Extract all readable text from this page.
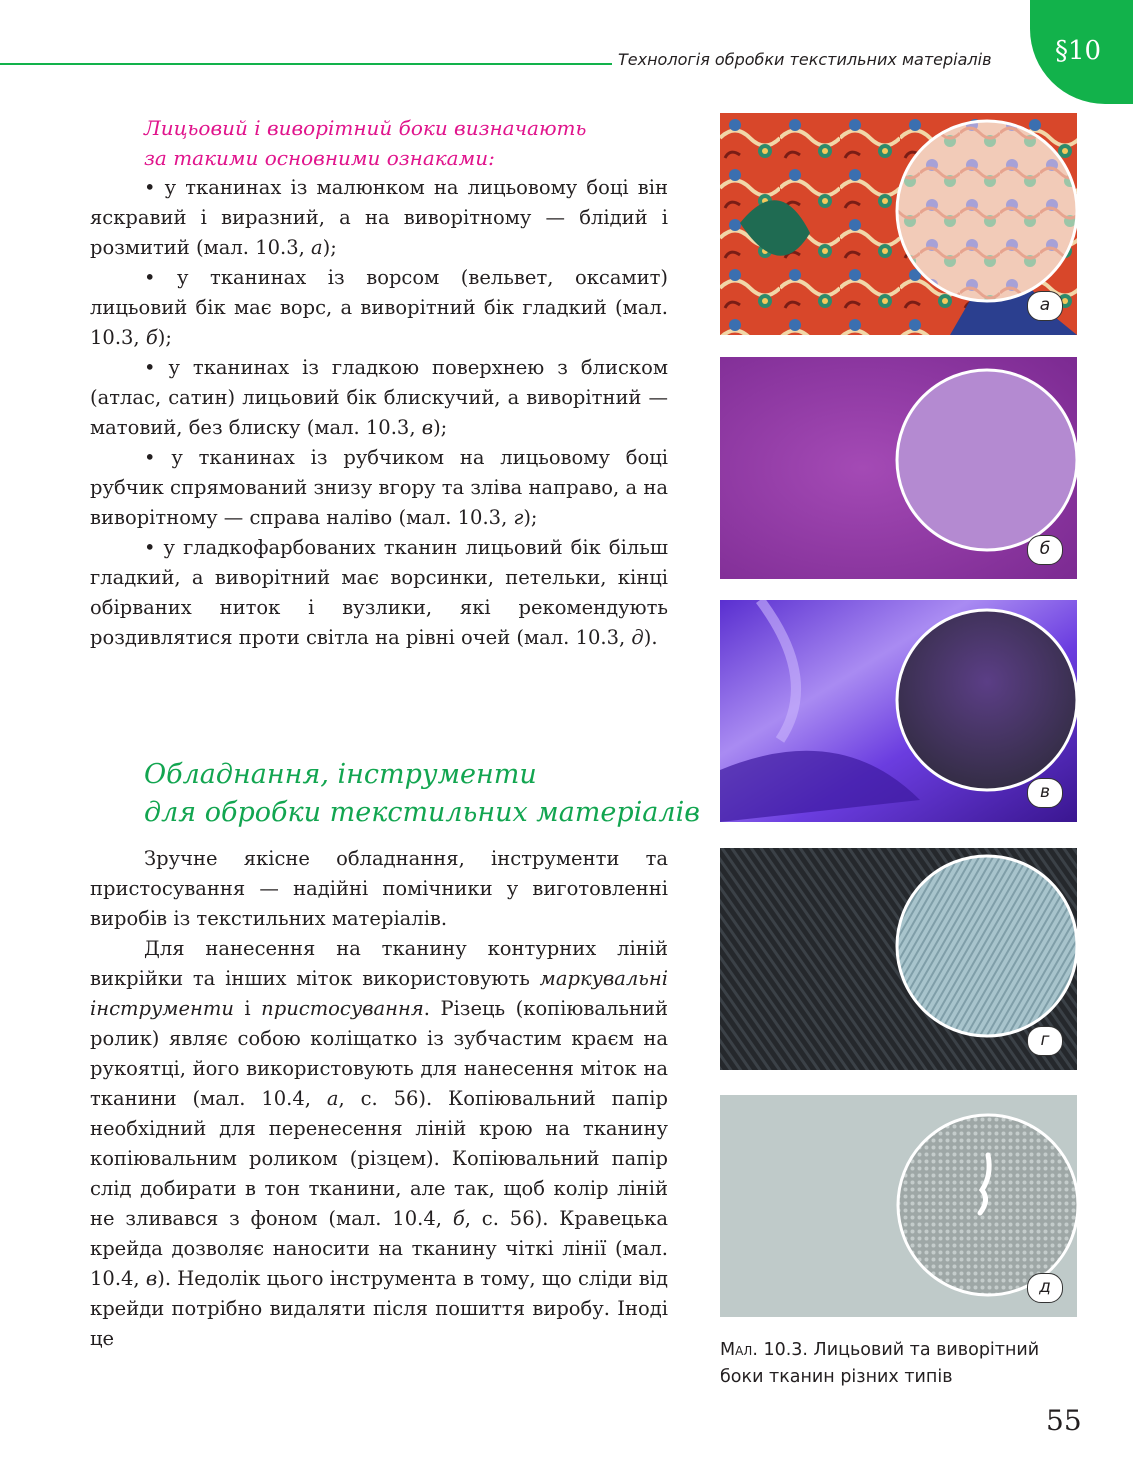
Технологія обробки текстильних матеріалів §10
Лицьовий і виворітний боки визначають
за такими основними ознаками:

• у тканинах із малюнком на лицьовому боці він яскравий і виразний, а на виворітному — блідий і розмитий (мал. 10.3, а);

• у тканинах із ворсом (вельвет, оксамит) лицьовий бік має ворс, а виворітний бік гладкий (мал. 10.3, б);

• у тканинах із гладкою поверхнею з блиском (атлас, сатин) лицьовий бік блискучий, а виворітний — матовий, без блиску (мал. 10.3, в);

• у тканинах із рубчиком на лицьовому боці рубчик спрямований знизу вгору та зліва направо, а на виворітному — справа наліво (мал. 10.3, г);

• у гладкофарбованих тканин лицьовий бік більш гладкий, а виворітний має ворсинки, петельки, кінці обірваних ниток і вузлики, які рекомендують роздивлятися проти світла на рівні очей (мал. 10.3, д).

Обладнання, інструменти
для обробки текстильних матеріалів

Зручне якісне обладнання, інструменти та пристосування — надійні помічники у виготовленні виробів із текстильних матеріалів.

Для нанесення на тканину контурних ліній викрійки та інших міток використовують маркувальні інструменти і пристосування. Різець (копіювальний ролик) являє собою коліщатко із зубчастим краєм на рукоятці, його використовують для нанесення міток на тканини (мал. 10.4, а, с. 56). Копіювальний папір необхідний для перенесення ліній крою на тканину копіювальним роликом (різцем). Копіювальний папір слід добирати в тон тканини, але так, щоб колір ліній не зливався з фоном (мал. 10.4, б, с. 56). Кравецька крейда дозволяє наносити на тканину чіткі лінії (мал. 10.4, в). Недолік цього інструмента в тому, що сліди від крейди потрібно видаляти після пошиття виробу. Іноді це

а
б
в
г
д
Мал. 10.3. Лицьовий та виворітний боки тканин різних типів
55
